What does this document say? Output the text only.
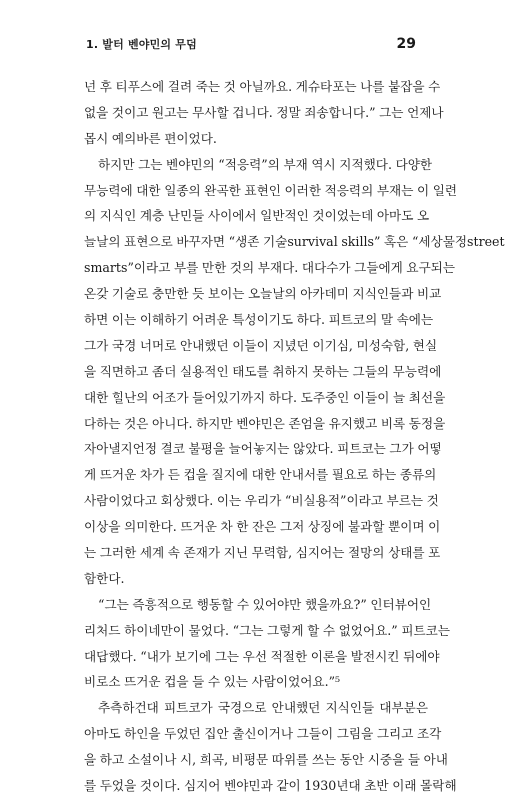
1. 발터 벤야민의 무덤	29
넌 후 티푸스에 걸려 죽는 것 아닐까요. 게슈타포는 나를 붙잡을 수
없을 것이고 원고는 무사할 겁니다. 정말 죄송합니다.” 그는 언제나
몹시 예의바른 편이었다.
하지만 그는 벤야민의 “적응력”의 부재 역시 지적했다. 다양한
무능력에 대한 일종의 완곡한 표현인 이러한 적응력의 부재는 이 일련
의 지식인 계층 난민들 사이에서 일반적인 것이었는데 아마도 오
늘날의 표현으로 바꾸자면 “생존 기술survival skills” 혹은 “세상물정street
smarts”이라고 부를 만한 것의 부재다. 대다수가 그들에게 요구되는
온갖 기술로 충만한 듯 보이는 오늘날의 아카데미 지식인들과 비교
하면 이는 이해하기 어려운 특성이기도 하다. 피트코의 말 속에는
그가 국경 너머로 안내했던 이들이 지녔던 이기심, 미성숙함, 현실
을 직면하고 좀더 실용적인 태도를 취하지 못하는 그들의 무능력에
대한 힐난의 어조가 들어있기까지 하다. 도주중인 이들이 늘 최선을
다하는 것은 아니다. 하지만 벤야민은 존엄을 유지했고 비록 동정을
자아낼지언정 결코 불평을 늘어놓지는 않았다. 피트코는 그가 어떻
게 뜨거운 차가 든 컵을 질지에 대한 안내서를 필요로 하는 종류의
사람이었다고 회상했다. 이는 우리가 “비실용적”이라고 부르는 것
이상을 의미한다. 뜨거운 차 한 잔은 그저 상징에 불과할 뿐이며 이
는 그러한 세계 속 존재가 지닌 무력함, 심지어는 절망의 상태를 포
함한다.
“그는 즉흥적으로 행동할 수 있어야만 했을까요?” 인터뷰어인
리처드 하이네만이 물었다. “그는 그렇게 할 수 없었어요.” 피트코는
대답했다. “내가 보기에 그는 우선 적절한 이론을 발전시킨 뒤에야
비로소 뜨거운 컵을 들 수 있는 사람이었어요.”⁵
추측하건대 피트코가 국경으로 안내했던 지식인들 대부분은
아마도 하인을 두었던 집안 출신이거나 그들이 그림을 그리고 조각
을 하고 소설이나 시, 희곡, 비평문 따위를 쓰는 동안 시중을 들 아내
를 두었을 것이다. 심지어 벤야민과 같이 1930년대 초반 이래 몰락해
